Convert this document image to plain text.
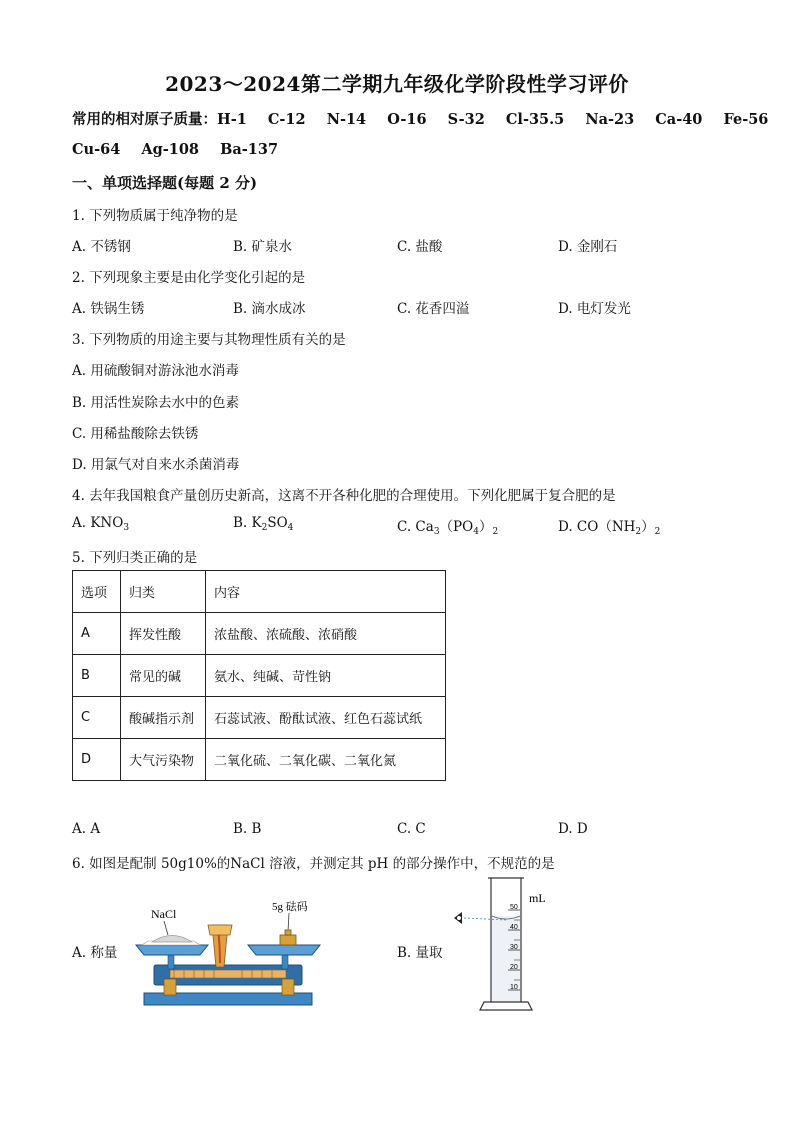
2023～2024第二学期九年级化学阶段性学习评价
常用的相对原子质量：H-1 C-12 N-14 O-16 S-32 Cl-35.5 Na-23 Ca-40 Fe-56
Cu-64 Ag-108 Ba-137
一、单项选择题(每题 2 分)
1. 下列物质属于纯净物的是
A. 不锈钢	B. 矿泉水	C. 盐酸	D. 金刚石
2. 下列现象主要是由化学变化引起的是
A. 铁锅生锈	B. 滴水成冰	C. 花香四溢	D. 电灯发光
3. 下列物质的用途主要与其物理性质有关的是
A. 用硫酸铜对游泳池水消毒
B. 用活性炭除去水中的色素
C. 用稀盐酸除去铁锈
D. 用氯气对自来水杀菌消毒
4. 去年我国粮食产量创历史新高，这离不开各种化肥的合理使用。下列化肥属于复合肥的是
A. $KNO_3$	B. $K_2SO_4$	C. $Ca_3(PO_4)_2$	D. $CO(NH_2)_2$
5. 下列归类正确的是
选项	归类	内容
A	挥发性酸	浓盐酸、浓硫酸、浓硝酸
B	常见的碱	氨水、纯碱、苛性钠
C	酸碱指示剂	石蕊试液、酚酞试液、红色石蕊试纸
D	大气污染物	二氧化硫、二氧化碳、二氧化氮
A. A	B. B	C. C	D. D
6. 如图是配制 50g10%的NaCl 溶液，并测定其 pH 的部分操作中，不规范的是
A. 称量	B. 量取
NaCl	5g 砝码
mL
50
40
30
20
10
